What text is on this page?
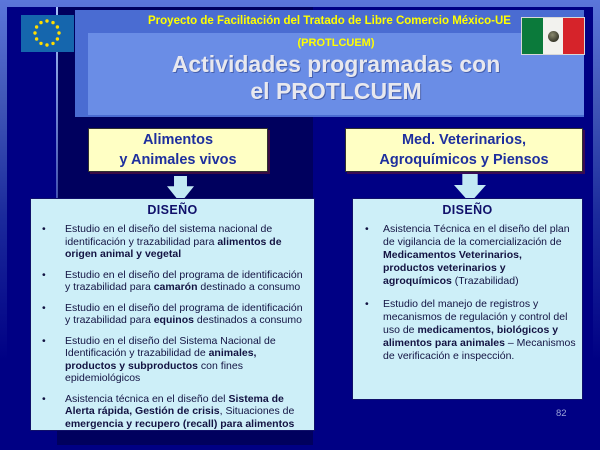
Proyecto de Facilitación del Tratado de Libre Comercio México-UE
(PROTLCUEM)
Actividades programadas con
el PROTLCUEM
Alimentos
y Animales vivos
DISEÑO
•	Estudio en el diseño del sistema nacional de identificación y trazabilidad para alimentos de origen animal y vegetal
•	Estudio en el diseño del programa de identificación y trazabilidad para camarón destinado a consumo
•	Estudio en el diseño del programa de identificación y trazabilidad para equinos destinados a consumo
•	Estudio en el diseño del Sistema Nacional de Identificación y trazabilidad de animales, productos y subproductos con fines epidemiológicos
•	Asistencia técnica en el diseño del Sistema de Alerta rápida, Gestión de crisis, Situaciones de emergencia y recupero (recall) para alimentos
Med. Veterinarios,
Agroquímicos y Piensos
DISEÑO
•	Asistencia Técnica en el diseño del plan de vigilancia de la comercialización de Medicamentos Veterinarios, productos veterinarios y agroquímicos (Trazabilidad)
•	Estudio del manejo de registros y mecanismos de regulación y control del uso de medicamentos, biológicos y alimentos para animales – Mecanismos de verificación e inspección.
82
